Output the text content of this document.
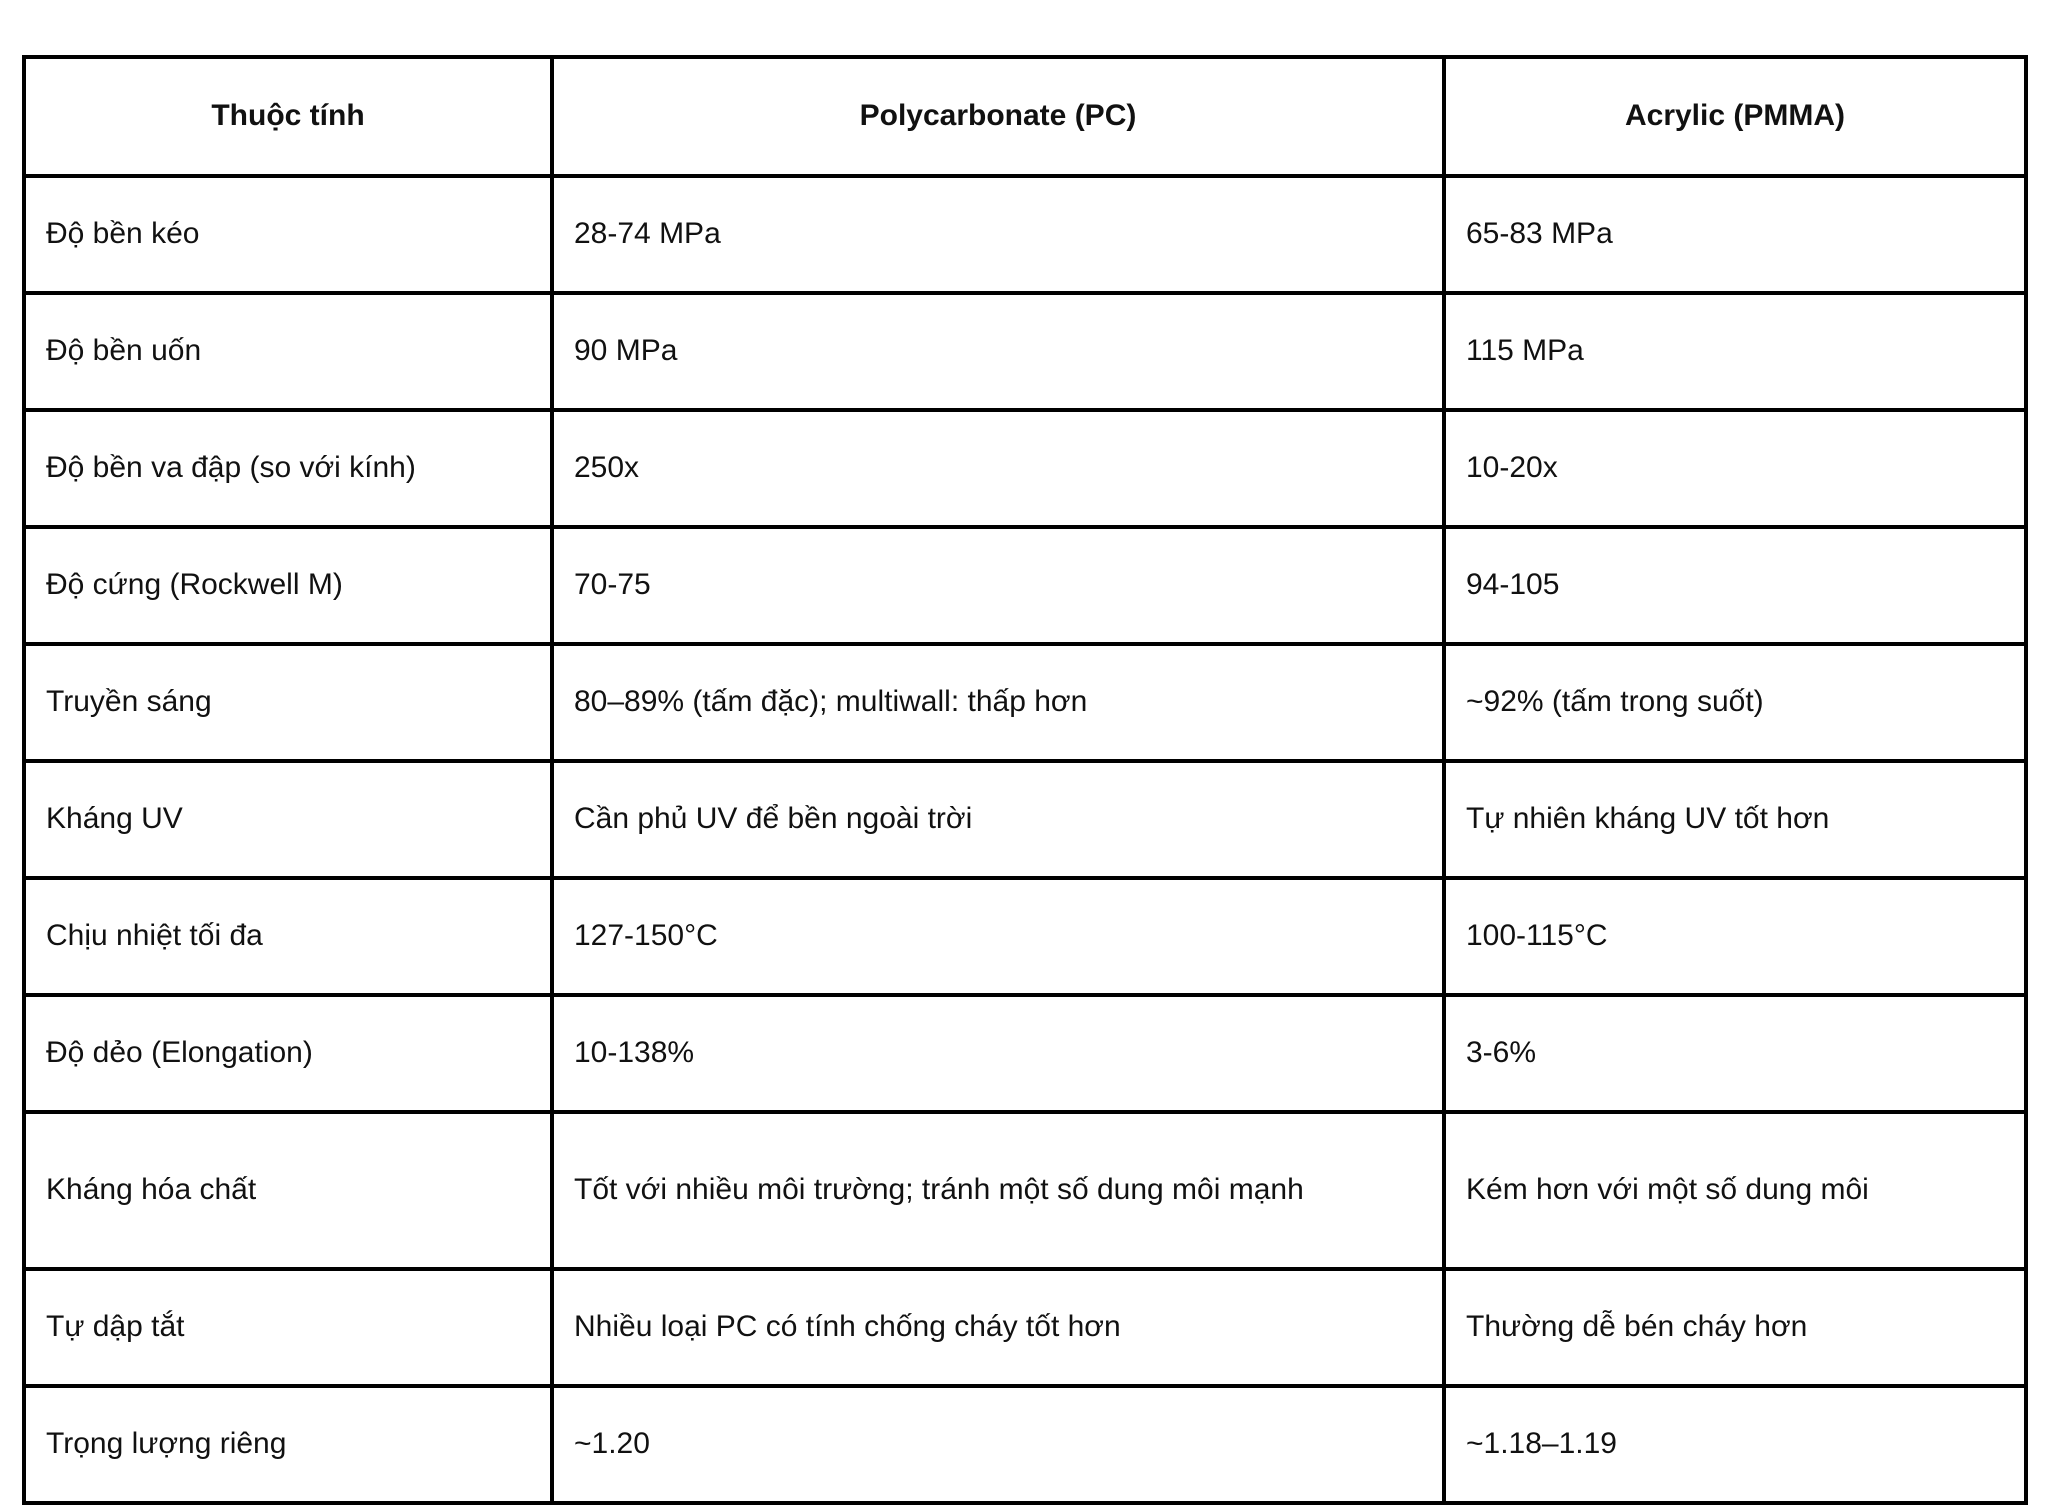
Thuộc tính	Polycarbonate (PC)	Acrylic (PMMA)
Độ bền kéo	28-74 MPa	65-83 MPa
Độ bền uốn	90 MPa	115 MPa
Độ bền va đập (so với kính)	250x	10-20x
Độ cứng (Rockwell M)	70-75	94-105
Truyền sáng	80–89% (tấm đặc); multiwall: thấp hơn	~92% (tấm trong suốt)
Kháng UV	Cần phủ UV để bền ngoài trời	Tự nhiên kháng UV tốt hơn
Chịu nhiệt tối đa	127-150°C	100-115°C
Độ dẻo (Elongation)	10-138%	3-6%
Kháng hóa chất	Tốt với nhiều môi trường; tránh một số dung môi mạnh	Kém hơn với một số dung môi
Tự dập tắt	Nhiều loại PC có tính chống cháy tốt hơn	Thường dễ bén cháy hơn
Trọng lượng riêng	~1.20	~1.18–1.19
